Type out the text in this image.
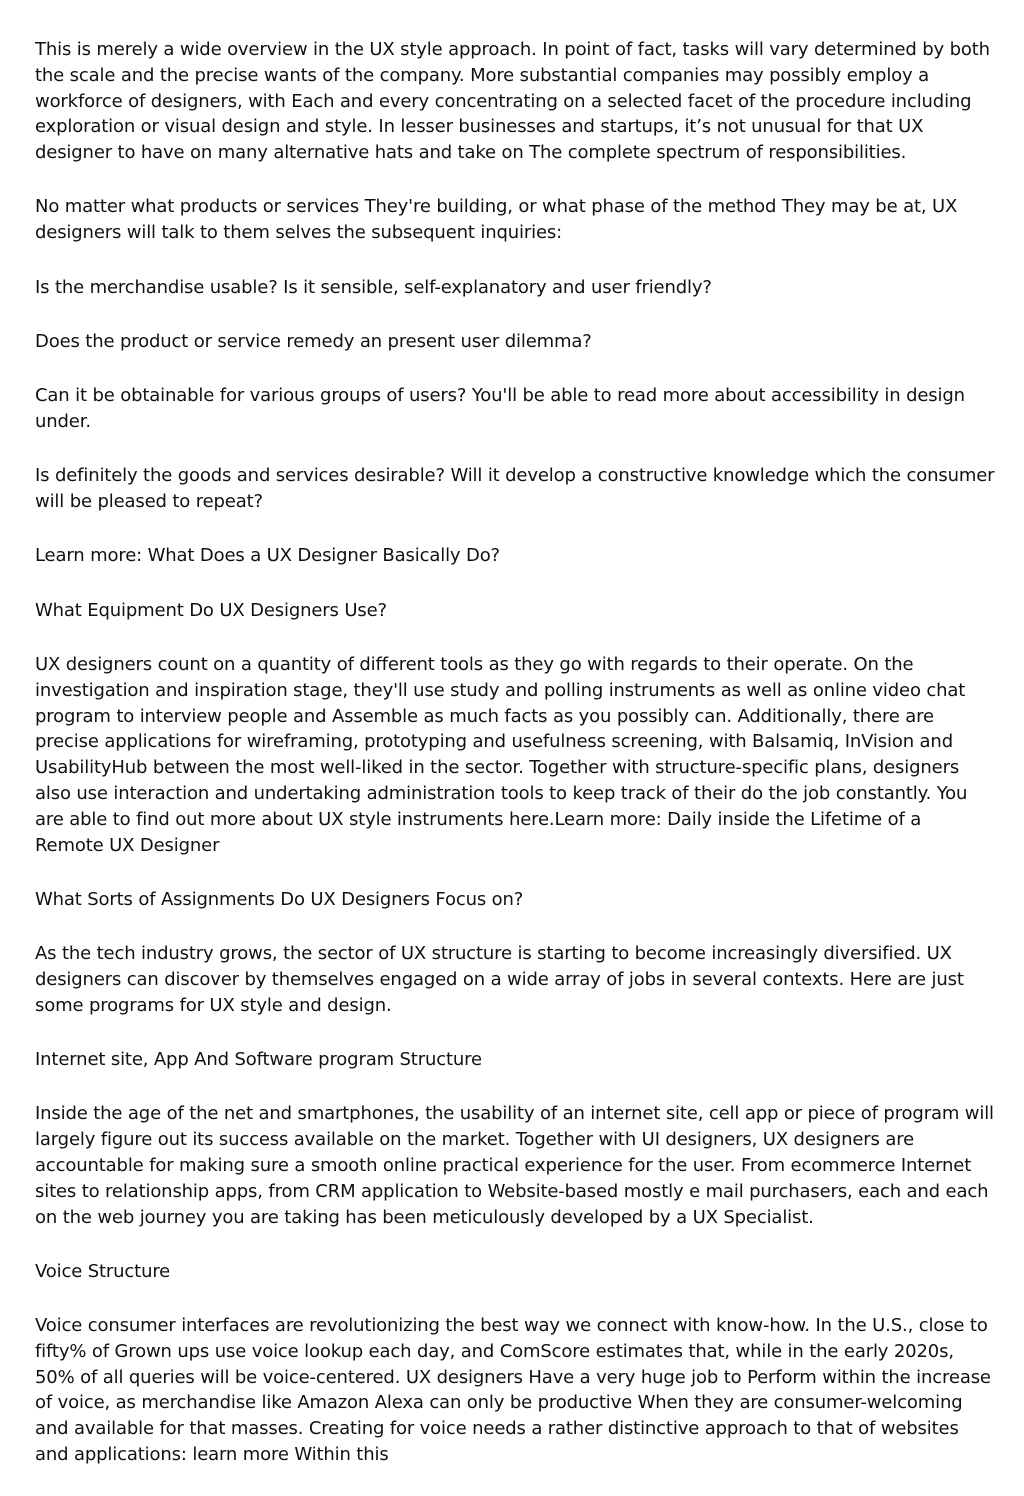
This is merely a wide overview in the UX style approach. In point of fact, tasks will vary determined by both the scale and the precise wants of the company. More substantial companies may possibly employ a workforce of designers, with Each and every concentrating on a selected facet of the procedure including exploration or visual design and style. In lesser businesses and startups, it’s not unusual for that UX designer to have on many alternative hats and take on The complete spectrum of responsibilities.

No matter what products or services They're building, or what phase of the method They may be at, UX designers will talk to them selves the subsequent inquiries:

Is the merchandise usable? Is it sensible, self-explanatory and user friendly?

Does the product or service remedy an present user dilemma?

Can it be obtainable for various groups of users? You'll be able to read more about accessibility in design under.

Is definitely the goods and services desirable? Will it develop a constructive knowledge which the consumer will be pleased to repeat?

Learn more: What Does a UX Designer Basically Do?

What Equipment Do UX Designers Use?

UX designers count on a quantity of different tools as they go with regards to their operate. On the investigation and inspiration stage, they'll use study and polling instruments as well as online video chat program to interview people and Assemble as much facts as you possibly can. Additionally, there are precise applications for wireframing, prototyping and usefulness screening, with Balsamiq, InVision and UsabilityHub between the most well-liked in the sector. Together with structure-specific plans, designers also use interaction and undertaking administration tools to keep track of their do the job constantly. You are able to find out more about UX style instruments here.Learn more: Daily inside the Lifetime of a Remote UX Designer

What Sorts of Assignments Do UX Designers Focus on?

As the tech industry grows, the sector of UX structure is starting to become increasingly diversified. UX designers can discover by themselves engaged on a wide array of jobs in several contexts. Here are just some programs for UX style and design.

Internet site, App And Software program Structure

Inside the age of the net and smartphones, the usability of an internet site, cell app or piece of program will largely figure out its success available on the market. Together with UI designers, UX designers are accountable for making sure a smooth online practical experience for the user. From ecommerce Internet sites to relationship apps, from CRM application to Website-based mostly e mail purchasers, each and each on the web journey you are taking has been meticulously developed by a UX Specialist.

Voice Structure

Voice consumer interfaces are revolutionizing the best way we connect with know-how. In the U.S., close to fifty% of Grown ups use voice lookup each day, and ComScore estimates that, while in the early 2020s, 50% of all queries will be voice-centered. UX designers Have a very huge job to Perform within the increase of voice, as merchandise like Amazon Alexa can only be productive When they are consumer-welcoming and available for that masses. Creating for voice needs a rather distinctive approach to that of websites and applications: learn more Within this
